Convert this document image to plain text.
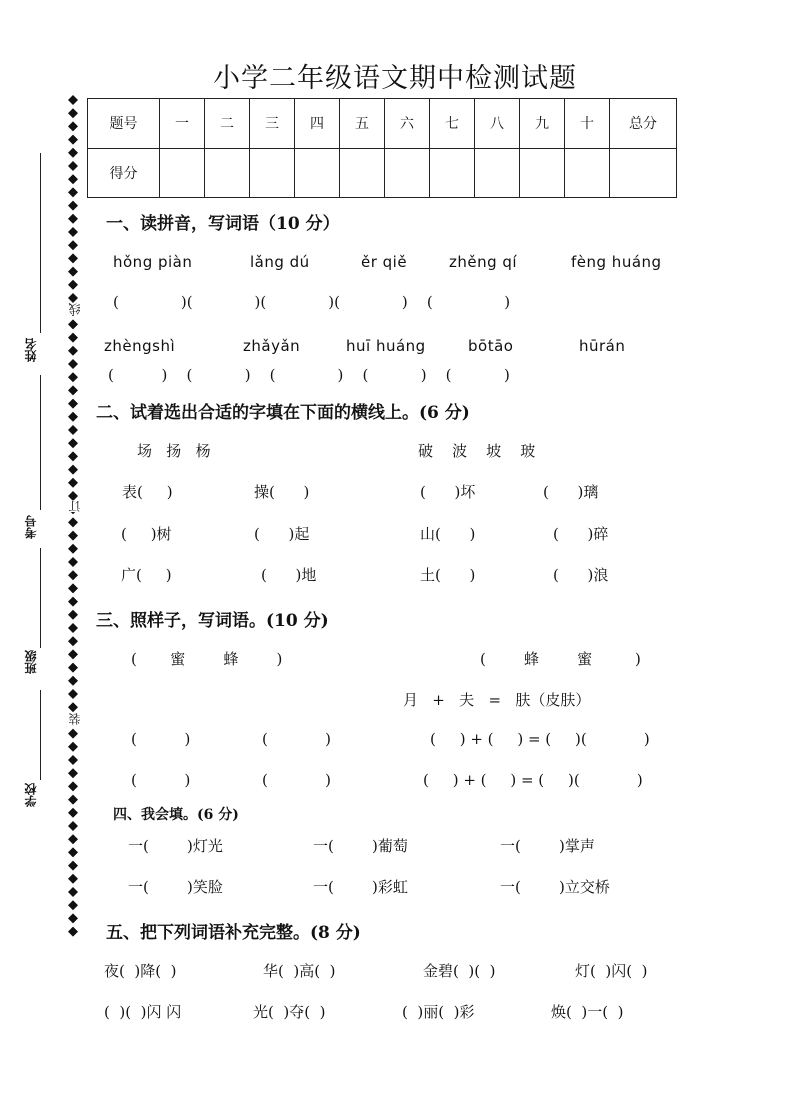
姓名
考号
班级
学校
线
订
装
小学二年级语文期中检测试题
题号	一	二	三	四	五	六	七	八	九	十	总分
得分											
一、读拼音，写词语（10 分）
hǒng piàn	lǎng dú	ěr qiě	zhěng qí	fèng huáng
(             )(             )(             )(             )    (               )
zhèngshì	zhǎyǎn	huī huáng	bōtāo	hūrán
(          )    (           )    (             )    (           )    (           )
二、试着选出合适的字填在下面的横线上。(6 分)
场   扬   杨	破    波    坡    玻
表(     )	操(      )	(      )坏	(      )璃
(     )树	(      )起	山(      )	(      )碎
广(     )	(      )地	土(      )	(      )浪
三、照样子，写词语。(10 分)
(       蜜        蜂        )	(        蜂        蜜         )
月   +   夫   =   肤（皮肤）
(          )	(            )	(     ) + (     ) = (     )(            )
(          )	(            )	(     ) + (     ) = (     )(            )
四、我会填。(6 分)
一(        )灯光	一(        )葡萄	一(        )掌声
一(        )笑脸	一(        )彩虹	一(        )立交桥
五、把下列词语补充完整。(8 分)
夜(  )降(  )	华(  )高(  )	金碧(  )(  )	灯(  )闪(  )
(  )(  )闪 闪	光(  )夺(  )	(  )丽(  )彩	焕(  )一(  )
